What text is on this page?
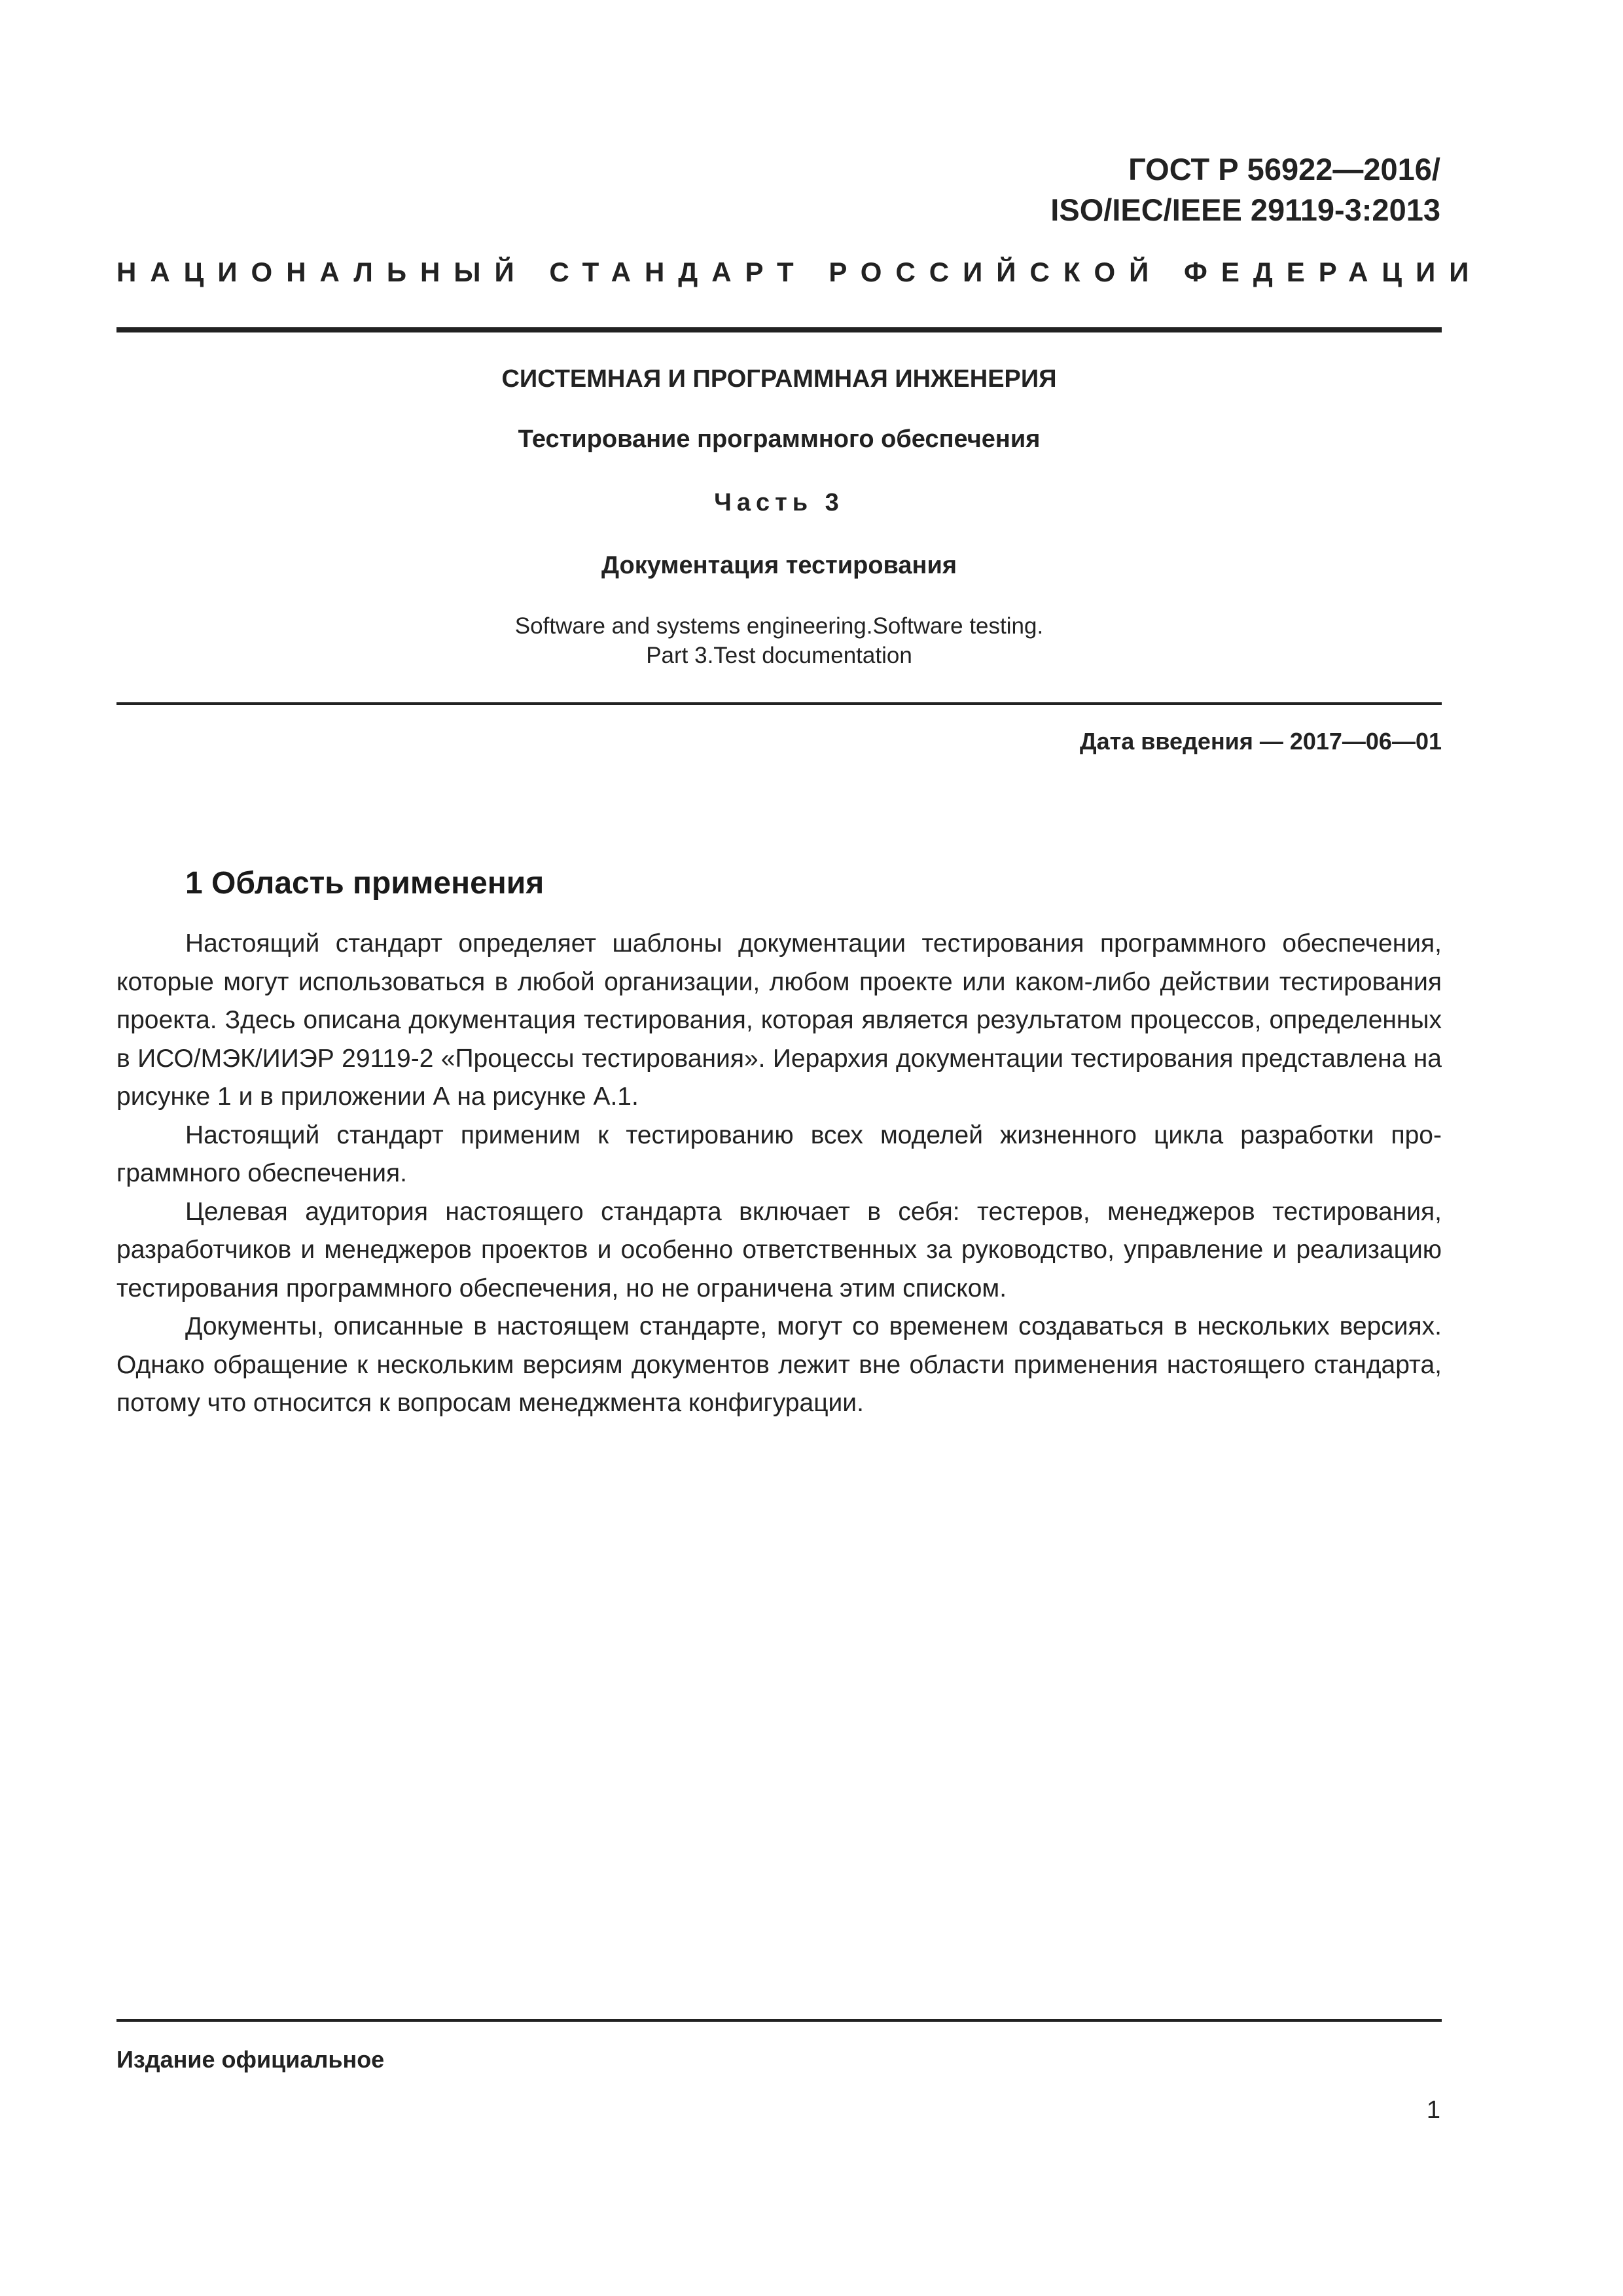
ГОСТ Р 56922—2016/
ISO/IEC/IEEE 29119-3:2013
НАЦИОНАЛЬНЫЙ СТАНДАРТ РОССИЙСКОЙ ФЕДЕРАЦИИ
СИСТЕМНАЯ И ПРОГРАММНАЯ ИНЖЕНЕРИЯ
Тестирование программного обеспечения
Часть 3
Документация тестирования
Software and systems engineering.Software testing.
Part 3.Test documentation
Дата введения — 2017—06—01
1 Область применения

Настоящий стандарт определяет шаблоны документации тестирования программного обеспечения, которые могут использоваться в любой организации, любом проекте или каком-либо действии тестирования проекта. Здесь описана документация тестирования, которая является результатом процессов, определенных в ИСО/МЭК/ИИЭР 29119-2 «Процессы тестирования». Иерархия документации тестирования представлена на рисунке 1 и в приложении А на рисунке А.1.

Настоящий стандарт применим к тестированию всех моделей жизненного цикла разработки программного обеспечения.

Целевая аудитория настоящего стандарта включает в себя: тестеров, менеджеров тестирования, разработчиков и менеджеров проектов и особенно ответственных за руководство, управление и реализацию тестирования программного обеспечения, но не ограничена этим списком.

Документы, описанные в настоящем стандарте, могут со временем создаваться в нескольких версиях. Однако обращение к нескольким версиям документов лежит вне области применения настоящего стандарта, потому что относится к вопросам менеджмента конфигурации.

Издание официальное
1
